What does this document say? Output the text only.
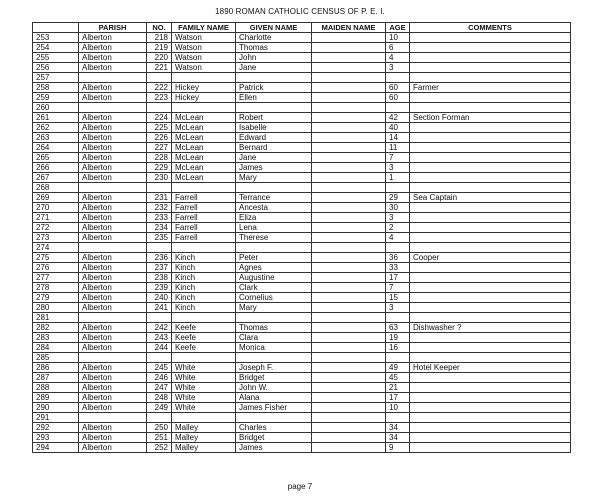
1890 ROMAN CATHOLIC CENSUS OF P. E. I.
	PARISH	NO.	FAMILY NAME	GIVEN NAME	MAIDEN NAME	AGE	COMMENTS
253	Alberton	218	Watson	Charlotte		10	
254	Alberton	219	Watson	Thomas		6	
255	Alberton	220	Watson	John		4	
256	Alberton	221	Watson	Jane		3	
257							
258	Alberton	222	Hickey	Patrick		60	Farmer
259	Alberton	223	Hickey	Ellen		60	
260							
261	Alberton	224	McLean	Robert		42	Section Forman
262	Alberton	225	McLean	Isabelle		40	
263	Alberton	226	McLean	Edward		14	
264	Alberton	227	McLean	Bernard		11	
265	Alberton	228	McLean	Jane		7	
266	Alberton	229	McLean	James		3	
267	Alberton	230	McLean	Mary		1	
268							
269	Alberton	231	Farrell	Terrance		29	Sea Captain
270	Alberton	232	Farrell	Ancesta		30	
271	Alberton	233	Farrell	Eliza		3	
272	Alberton	234	Farrell	Lena		2	
273	Alberton	235	Farrell	Therese		4	
274							
275	Alberton	236	Kinch	Peter		36	Cooper
276	Alberton	237	Kinch	Agnes		33	
277	Alberton	238	Kinch	Augustine		17	
278	Alberton	239	Kinch	Clark		7	
279	Alberton	240	Kinch	Cornelius		15	
280	Alberton	241	Kinch	Mary		3	
281							
282	Alberton	242	Keefe	Thomas		63	Dishwasher ?
283	Alberton	243	Keefe	Clara		19	
284	Alberton	244	Keefe	Monica		16	
285							
286	Alberton	245	White	Joseph F.		49	Hotel Keeper
287	Alberton	246	White	Bridget		45	
288	Alberton	247	White	John W.		21	
289	Alberton	248	White	Alana		17	
290	Alberton	249	White	James Fisher		10	
291							
292	Alberton	250	Malley	Charles		34	
293	Alberton	251	Malley	Bridget		34	
294	Alberton	252	Malley	James		9	
page 7
